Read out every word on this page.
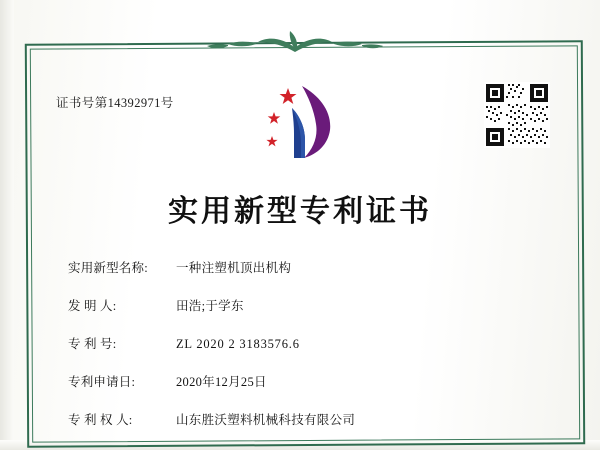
证书号第14392971号
实用新型专利证书
实用新型名称:	一种注塑机顶出机构
发 明 人:	田浩;于学东
专 利 号:	ZL 2020 2 3183576.6
专利申请日:	2020年12月25日
专 利 权 人:	山东胜沃塑料机械科技有限公司
